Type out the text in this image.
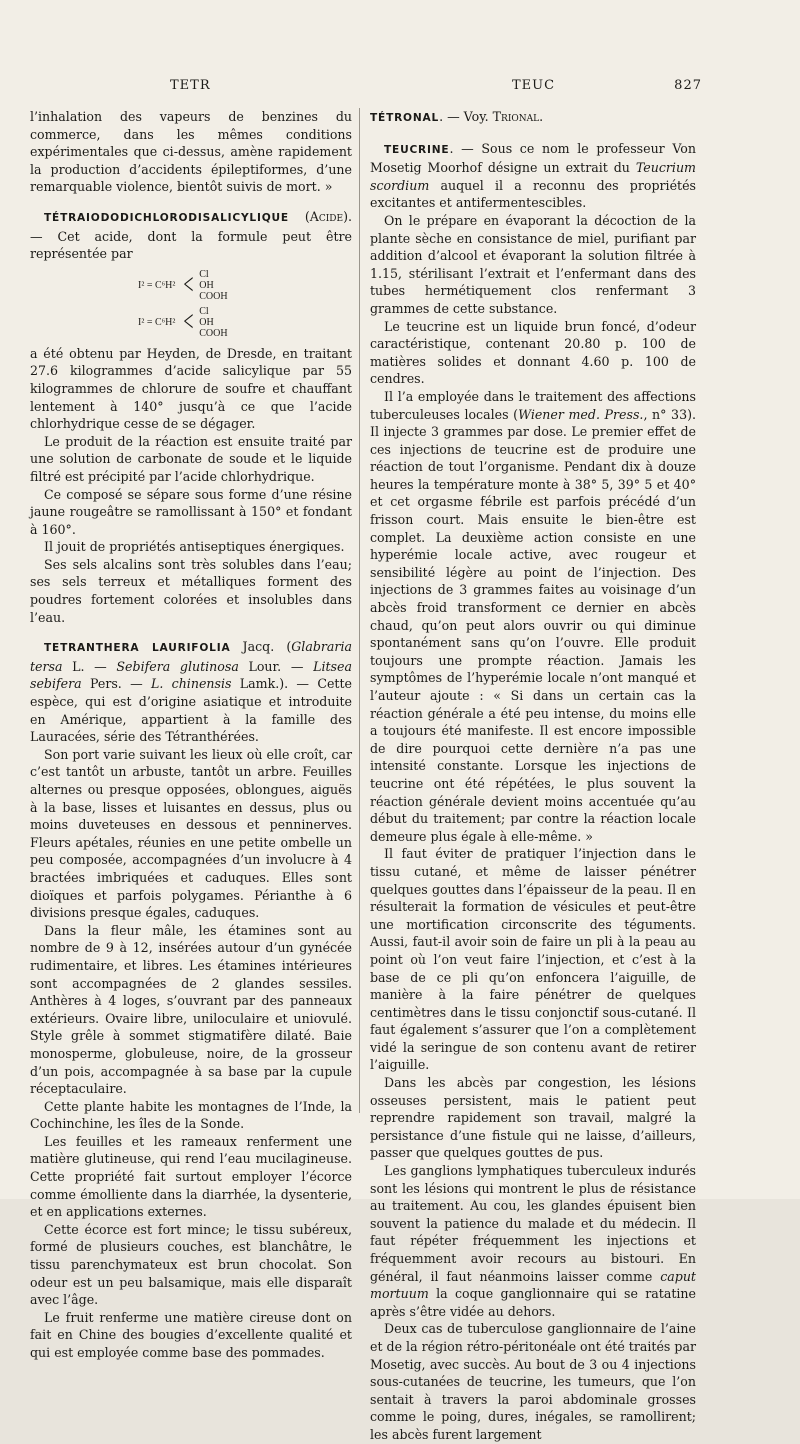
TETR	TEUC	827

l’inhalation des vapeurs de benzines du commerce, dans les mêmes conditions expérimentales que ci-dessus, amène rapidement la production d’accidents épileptiformes, d’une remarquable violence, bientôt suivis de mort. »

TÉTRAIODODICHLORODISALICYLIQUE (Acide). — Cet acide, dont la formule peut être représentée par

I² = C⁶H² < Cl
OH
COOH
I² = C⁶H² < Cl
OH
COOH

a été obtenu par Heyden, de Dresde, en traitant 27.6 kilogrammes d’acide salicylique par 55 kilogrammes de chlorure de soufre et chauffant lentement à 140° jusqu’à ce que l’acide chlorhydrique cesse de se dégager.

Le produit de la réaction est ensuite traité par une solution de carbonate de soude et le liquide filtré est précipité par l’acide chlorhydrique.

Ce composé se sépare sous forme d’une résine jaune rougeâtre se ramollissant à 150° et fondant à 160°.

Il jouit de propriétés antiseptiques énergiques.

Ses sels alcalins sont très solubles dans l’eau; ses sels terreux et métalliques forment des poudres fortement colorées et insolubles dans l’eau.

TETRANTHERA LAURIFOLIA Jacq. (Glabraria tersa L. — Sebifera glutinosa Lour. — Litsea sebifera Pers. — L. chinensis Lamk.). — Cette espèce, qui est d’origine asiatique et introduite en Amérique, appartient à la famille des Lauracées, série des Tétranthérées.

Son port varie suivant les lieux où elle croît, car c’est tantôt un arbuste, tantôt un arbre. Feuilles alternes ou presque opposées, oblongues, aiguës à la base, lisses et luisantes en dessus, plus ou moins duveteuses en dessous et penninerves. Fleurs apétales, réunies en une petite ombelle un peu composée, accompagnées d’un involucre à 4 bractées imbriquées et caduques. Elles sont dioïques et parfois polygames. Périanthe à 6 divisions presque égales, caduques.

Dans la fleur mâle, les étamines sont au nombre de 9 à 12, insérées autour d’un gynécée rudimentaire, et libres. Les étamines intérieures sont accompagnées de 2 glandes sessiles. Anthères à 4 loges, s’ouvrant par des panneaux extérieurs. Ovaire libre, uniloculaire et uniovulé. Style grêle à sommet stigmatifère dilaté. Baie monosperme, globuleuse, noire, de la grosseur d’un pois, accompagnée à sa base par la cupule réceptaculaire.

Cette plante habite les montagnes de l’Inde, la Cochinchine, les îles de la Sonde.

Les feuilles et les rameaux renferment une matière glutineuse, qui rend l’eau mucilagineuse. Cette propriété fait surtout employer l’écorce comme émolliente dans la diarrhée, la dysenterie, et en applications externes.

Cette écorce est fort mince; le tissu subéreux, formé de plusieurs couches, est blanchâtre, le tissu parenchymateux est brun chocolat. Son odeur est un peu balsamique, mais elle disparaît avec l’âge.

Le fruit renferme une matière cireuse dont on fait en Chine des bougies d’excellente qualité et qui est employée comme base des pommades.

TÉTRONAL. — Voy. Trional.

TEUCRINE. — Sous ce nom le professeur Von Mosetig Moorhof désigne un extrait du Teucrium scordium auquel il a reconnu des propriétés excitantes et antifermentescibles.

On le prépare en évaporant la décoction de la plante sèche en consistance de miel, purifiant par addition d’alcool et évaporant la solution filtrée à 1.15, stérilisant l’extrait et l’enfermant dans des tubes hermétiquement clos renfermant 3 grammes de cette substance.

Le teucrine est un liquide brun foncé, d’odeur caractéristique, contenant 20.80 p. 100 de matières solides et donnant 4.60 p. 100 de cendres.

Il l’a employée dans le traitement des affections tuberculeuses locales (Wiener med. Press., n° 33). Il injecte 3 grammes par dose. Le premier effet de ces injections de teucrine est de produire une réaction de tout l’organisme. Pendant dix à douze heures la température monte à 38° 5, 39° 5 et 40° et cet orgasme fébrile est parfois précédé d’un frisson court. Mais ensuite le bien-être est complet. La deuxième action consiste en une hyperémie locale active, avec rougeur et sensibilité légère au point de l’injection. Des injections de 3 grammes faites au voisinage d’un abcès froid transforment ce dernier en abcès chaud, qu’on peut alors ouvrir ou qui diminue spontanément sans qu’on l’ouvre. Elle produit toujours une prompte réaction. Jamais les symptômes de l’hyperémie locale n’ont manqué et l’auteur ajoute : « Si dans un certain cas la réaction générale a été peu intense, du moins elle a toujours été manifeste. Il est encore impossible de dire pourquoi cette dernière n’a pas une intensité constante. Lorsque les injections de teucrine ont été répétées, le plus souvent la réaction générale devient moins accentuée qu’au début du traitement; par contre la réaction locale demeure plus égale à elle-même. »

Il faut éviter de pratiquer l’injection dans le tissu cutané, et même de laisser pénétrer quelques gouttes dans l’épaisseur de la peau. Il en résulterait la formation de vésicules et peut-être une mortification circonscrite des téguments. Aussi, faut-il avoir soin de faire un pli à la peau au point où l’on veut faire l’injection, et c’est à la base de ce pli qu’on enfoncera l’aiguille, de manière à la faire pénétrer de quelques centimètres dans le tissu conjonctif sous-cutané. Il faut également s’assurer que l’on a complètement vidé la seringue de son contenu avant de retirer l’aiguille.

Dans les abcès par congestion, les lésions osseuses persistent, mais le patient peut reprendre rapidement son travail, malgré la persistance d’une fistule qui ne laisse, d’ailleurs, passer que quelques gouttes de pus.

Les ganglions lymphatiques tuberculeux indurés sont les lésions qui montrent le plus de résistance au traitement. Au cou, les glandes épuisent bien souvent la patience du malade et du médecin. Il faut répéter fréquemment les injections et fréquemment avoir recours au bistouri. En général, il faut néanmoins laisser comme caput mortuum la coque ganglionnaire qui se ratatine après s’être vidée au dehors.

Deux cas de tuberculose ganglionnaire de l’aine et de la région rétro-péritonéale ont été traités par Mosetig, avec succès. Au bout de 3 ou 4 injections sous-cutanées de teucrine, les tumeurs, que l’on sentait à travers la paroi abdominale grosses comme le poing, dures, inégales, se ramollirent; les abcès furent largement
